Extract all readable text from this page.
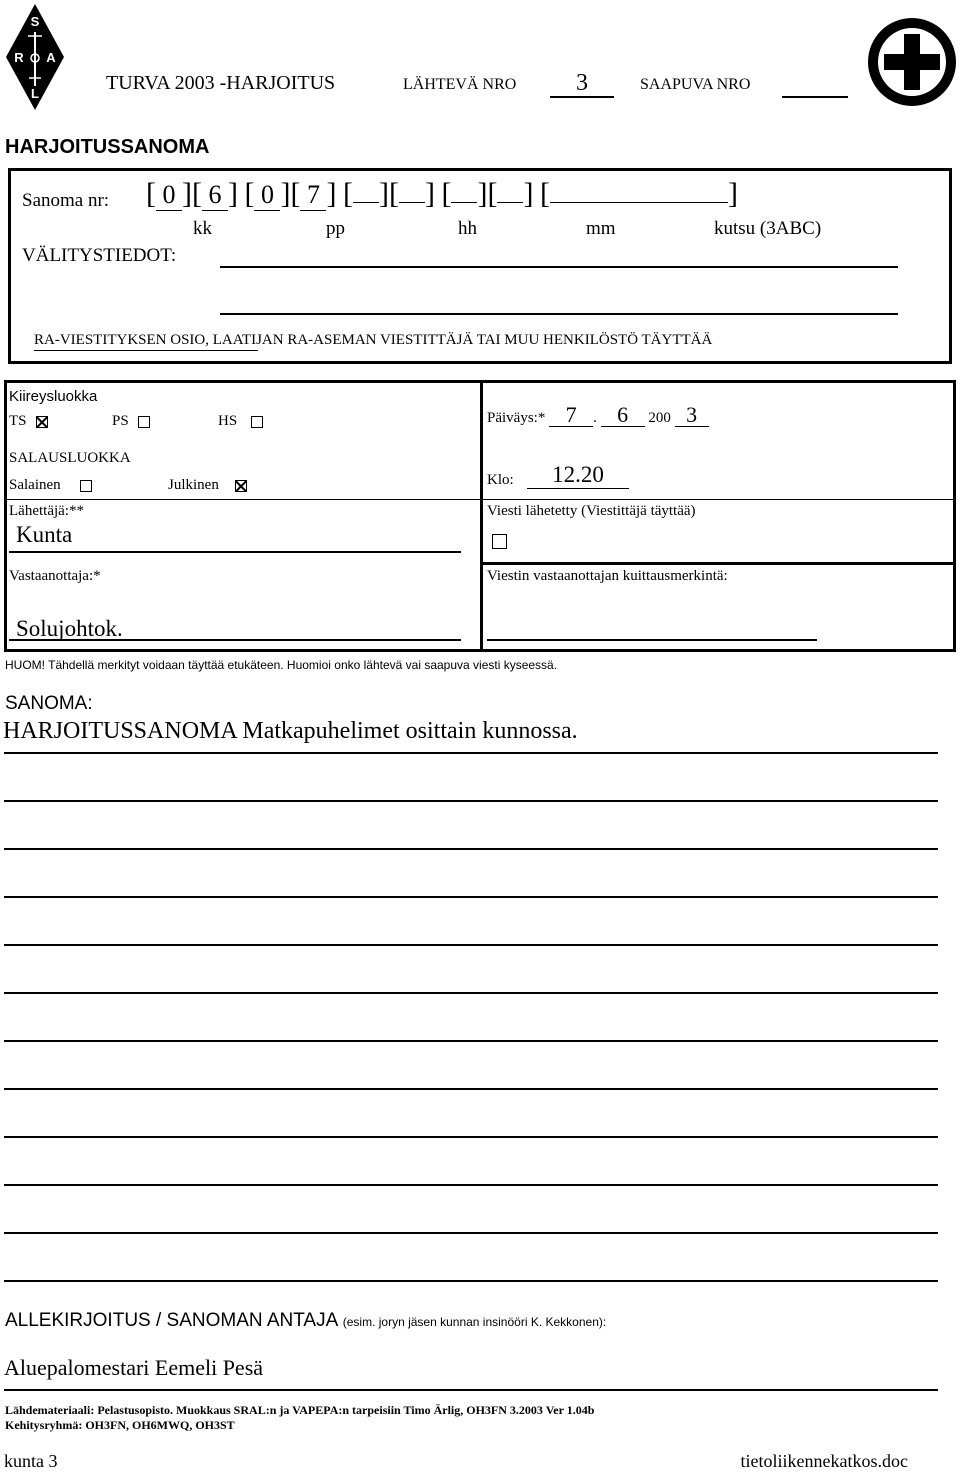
S
R A
L	TURVA 2003 -HARJOITUS	LÄHTEVÄ NRO	3	SAAPUVA NRO
HARJOITUSSANOMA
Sanoma nr: [ 0 ][ 6 ] [ 0 ][ 7 ] [ ][ ] [ ][ ] [	]
kk	pp	hh	mm	kutsu (3ABC)
VÄLITYSTIEDOT:
RA-VIESTITYKSEN OSIO, LAATIJAN RA-ASEMAN VIESTITTÄJÄ TAI MUU HENKILÖSTÖ TÄYTTÄÄ
Kiireysluokka
TS	PS	HS
SALAUSLUOKKA
Salainen	Julkinen
Lähettäjä:**
Kunta
Vastaanottaja:*
Solujohtok.
Päiväys:* 7 . 6 200 3
Klo:	12.20
Viesti lähetetty (Viestittäjä täyttää)
Viestin vastaanottajan kuittausmerkintä:
HUOM! Tähdellä merkityt voidaan täyttää etukäteen. Huomioi onko lähtevä vai saapuva viesti kyseessä.
SANOMA:
HARJOITUSSANOMA Matkapuhelimet osittain kunnossa.
ALLEKIRJOITUS / SANOMAN ANTAJA (esim. joryn jäsen kunnan insinööri K. Kekkonen):
Aluepalomestari Eemeli Pesä
Lähdemateriaali: Pelastusopisto. Muokkaus SRAL:n ja VAPEPA:n tarpeisiin Timo Ärlig, OH3FN 3.2003 Ver 1.04b
Kehitysryhmä: OH3FN, OH6MWQ, OH3ST
kunta 3	tietoliikennekatkos.doc
